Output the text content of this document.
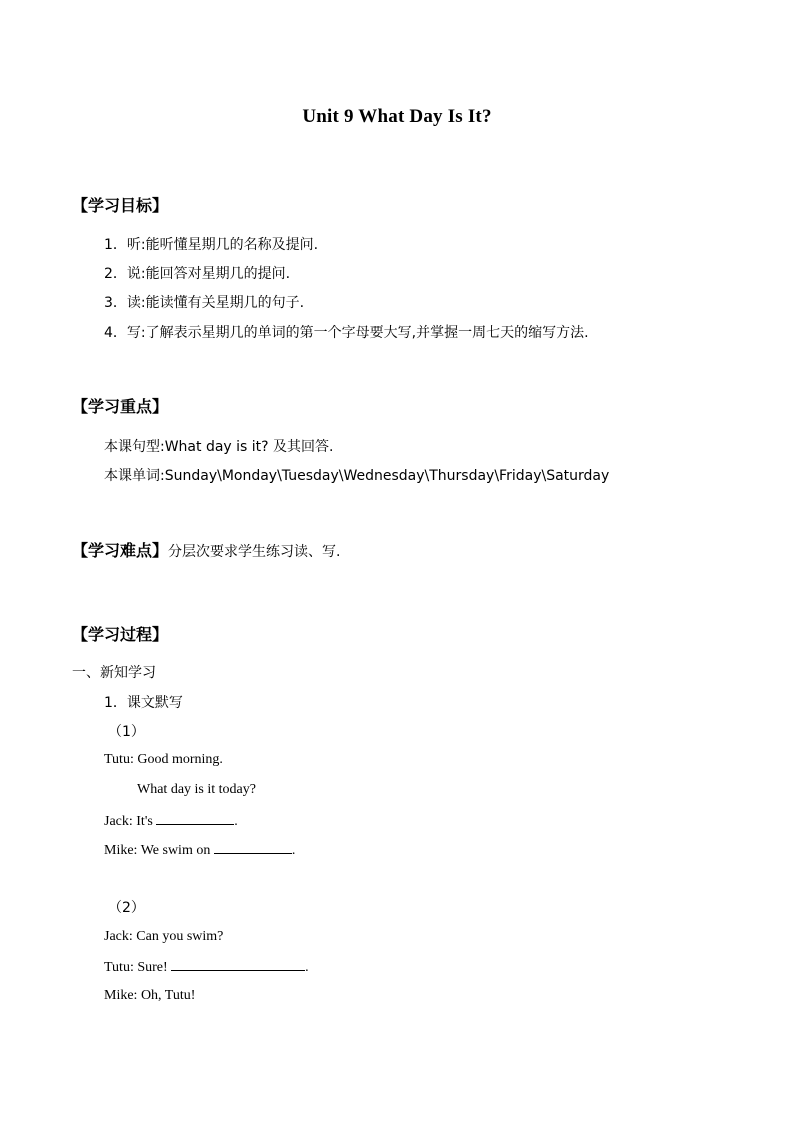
Unit 9 What Day Is It?
【学习目标】
1．听:能听懂星期几的名称及提问.
2．说:能回答对星期几的提问.
3．读:能读懂有关星期几的句子.
4．写:了解表示星期几的单词的第一个字母要大写,并掌握一周七天的缩写方法.
【学习重点】
本课句型:What day is it? 及其回答.
本课单词:Sunday\Monday\Tuesday\Wednesday\Thursday\Friday\Saturday
【学习难点】分层次要求学生练习读、写.
【学习过程】
一、新知学习
1．课文默写
（1）
Tutu: Good morning.
What day is it today?
Jack: It's	.
Mike: We swim on	.
（2）
Jack: Can you swim?
Tutu: Sure!	.
Mike: Oh, Tutu!
